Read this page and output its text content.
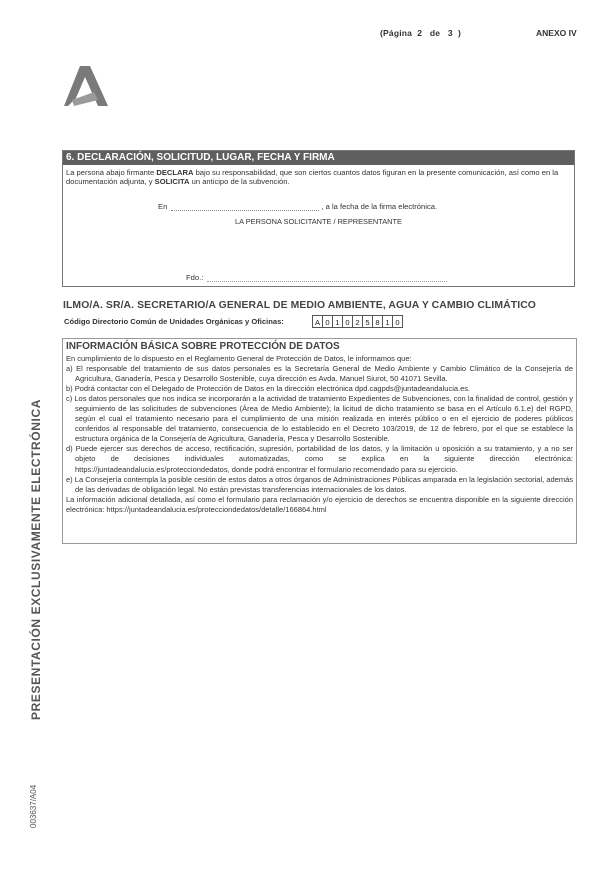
(Página 2 de 3 )	ANEXO IV
6. DECLARACIÓN, SOLICITUD, LUGAR, FECHA Y FIRMA
La persona abajo firmante DECLARA bajo su responsabilidad, que son ciertos cuantos datos figuran en la presente comunicación, así como en la documentación adjunta, y SOLICITA un anticipo de la subvención.
En	, a la fecha de la firma electrónica.
LA PERSONA SOLICITANTE / REPRESENTANTE
Fdo.:
ILMO/A. SR/A. SECRETARIO/A GENERAL DE MEDIO AMBIENTE, AGUA Y CAMBIO CLIMÁTICO
Código Directorio Común de Unidades Orgánicas y Oficinas:	A 0 1 0 2 5 8 1 0
INFORMACIÓN BÁSICA SOBRE PROTECCIÓN DE DATOS

En cumplimiento de lo dispuesto en el Reglamento General de Protección de Datos, le informamos que:

a) El responsable del tratamiento de sus datos personales es la Secretaría General de Medio Ambiente y Cambio Climático de la Consejería de Agricultura, Ganadería, Pesca y Desarrollo Sostenible, cuya dirección es Avda. Manuel Siurot, 50 41071 Sevilla.

b) Podrá contactar con el Delegado de Protección de Datos en la dirección electrónica dpd.cagpds@juntadeandalucia.es.

c) Los datos personales que nos indica se incorporarán a la actividad de tratamiento Expedientes de Subvenciones, con la finalidad de control, gestión y seguimiento de las solicitudes de subvenciones (Área de Medio Ambiente); la licitud de dicho tratamiento se basa en el Artículo 6.1.e) del RGPD, según el cual el tratamiento necesario para el cumplimiento de una misión realizada en interés público o en el ejercicio de poderes públicos conferidos al responsable del tratamiento, consecuencia de lo establecido en el Decreto 103/2019, de 12 de febrero, por el que se establece la estructura orgánica de la Consejería de Agricultura, Ganadería, Pesca y Desarrollo Sostenible.

d) Puede ejercer sus derechos de acceso, rectificación, supresión, portabilidad de los datos, y la limitación u oposición a su tratamiento, y a no ser objeto de decisiones individuales automatizadas, como se explica en la siguiente dirección electrónica: https://juntadeandalucia.es/protecciondedatos, donde podrá encontrar el formulario recomendado para su ejercicio.

e) La Consejería contempla la posible cesión de estos datos a otros órganos de Administraciones Públicas amparada en la legislación sectorial, además de las derivadas de obligación legal. No están previstas transferencias internacionales de los datos.

La información adicional detallada, así como el formulario para reclamación y/o ejercicio de derechos se encuentra disponible en la siguiente dirección electrónica: https://juntadeandalucia.es/protecciondedatos/detalle/166864.html

PRESENTACIÓN EXCLUSIVAMENTE ELECTRÓNICA
003637/A04
